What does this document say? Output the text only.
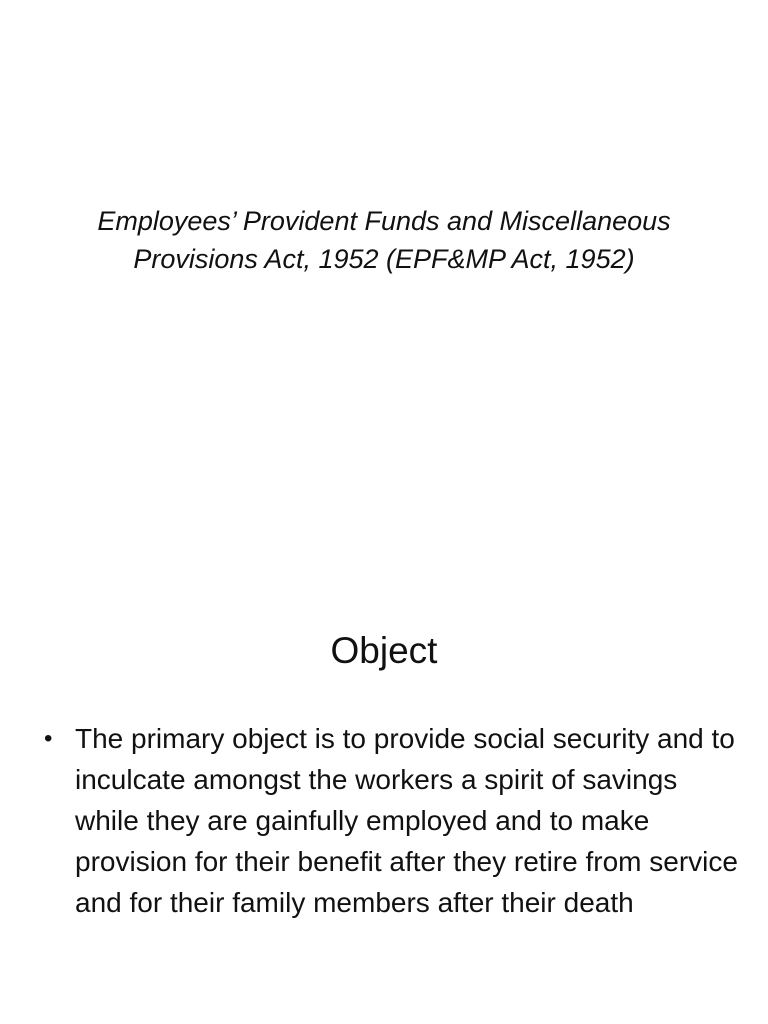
Employees’ Provident Funds and Miscellaneous Provisions Act, 1952 (EPF&MP Act, 1952)
Object
• The primary object is to provide social security and to inculcate amongst the workers a spirit of savings while they are gainfully employed and to make provision for their benefit after they retire from service and for their family members after their death
